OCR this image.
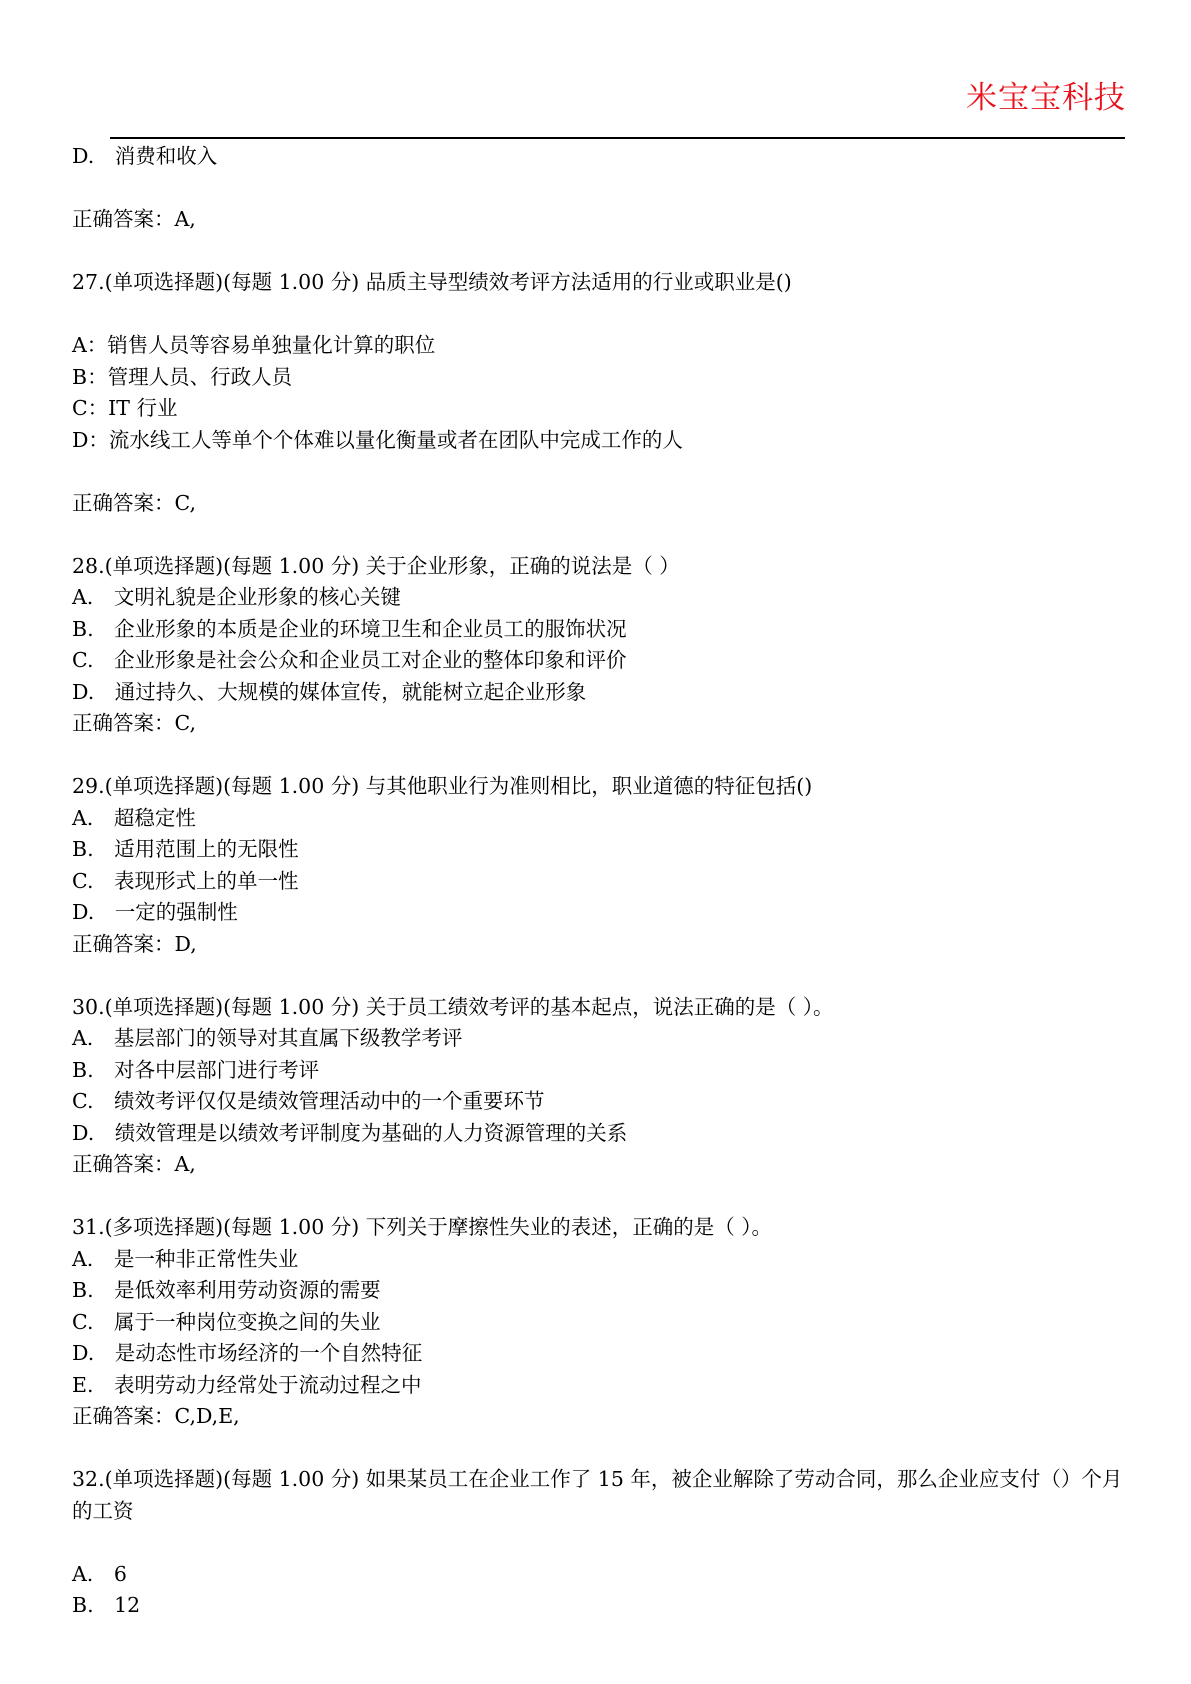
米宝宝科技
D.　消费和收入
正确答案：A,
27.(单项选择题)(每题 1.00 分) 品质主导型绩效考评方法适用的行业或职业是()
A：销售人员等容易单独量化计算的职位
B：管理人员、行政人员
C：IT 行业
D：流水线工人等单个个体难以量化衡量或者在团队中完成工作的人
正确答案：C,
28.(单项选择题)(每题 1.00 分) 关于企业形象，正确的说法是（ ）
A.　文明礼貌是企业形象的核心关键
B.　企业形象的本质是企业的环境卫生和企业员工的服饰状况
C.　企业形象是社会公众和企业员工对企业的整体印象和评价
D.　通过持久、大规模的媒体宣传，就能树立起企业形象
正确答案：C,
29.(单项选择题)(每题 1.00 分) 与其他职业行为准则相比，职业道德的特征包括()
A.　超稳定性
B.　适用范围上的无限性
C.　表现形式上的单一性
D.　一定的强制性
正确答案：D,
30.(单项选择题)(每题 1.00 分) 关于员工绩效考评的基本起点，说法正确的是（ ）。
A.　基层部门的领导对其直属下级教学考评
B.　对各中层部门进行考评
C.　绩效考评仅仅是绩效管理活动中的一个重要环节
D.　绩效管理是以绩效考评制度为基础的人力资源管理的关系
正确答案：A,
31.(多项选择题)(每题 1.00 分) 下列关于摩擦性失业的表述，正确的是（ ）。
A.　是一种非正常性失业
B.　是低效率利用劳动资源的需要
C.　属于一种岗位变换之间的失业
D.　是动态性市场经济的一个自然特征
E.　表明劳动力经常处于流动过程之中
正确答案：C,D,E,
32.(单项选择题)(每题 1.00 分) 如果某员工在企业工作了 15 年，被企业解除了劳动合同，那么企业应支付（）个月的工资
A.　6
B.　12
